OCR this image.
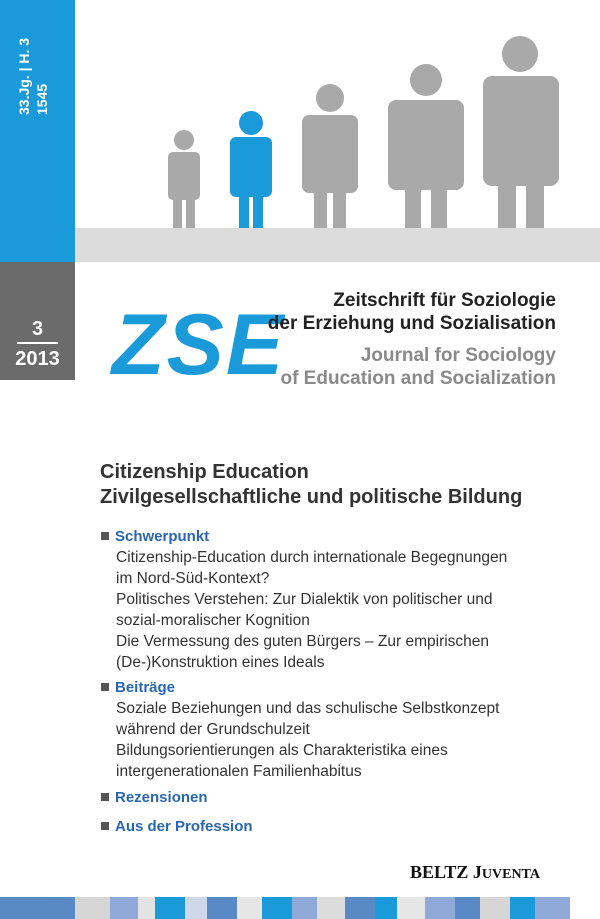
33.Jg. | H. 3 1545
3
2013 ZSE	Zeitschrift für Soziologie
der Erziehung und Sozialisation
Journal for Sociology
of Education and Socialization
Citizenship Education
Zivilgesellschaftliche und politische Bildung
Schwerpunkt
Citizenship-Education durch internationale Begegnungen
im Nord-Süd-Kontext?
Politisches Verstehen: Zur Dialektik von politischer und
sozial-moralischer Kognition
Die Vermessung des guten Bürgers – Zur empirischen
(De-)Konstruktion eines Ideals
Beiträge
Soziale Beziehungen und das schulische Selbstkonzept
während der Grundschulzeit
Bildungsorientierungen als Charakteristika eines
intergenerationalen Familienhabitus
Rezensionen
Aus der Profession
BELTZ JUVENTA
